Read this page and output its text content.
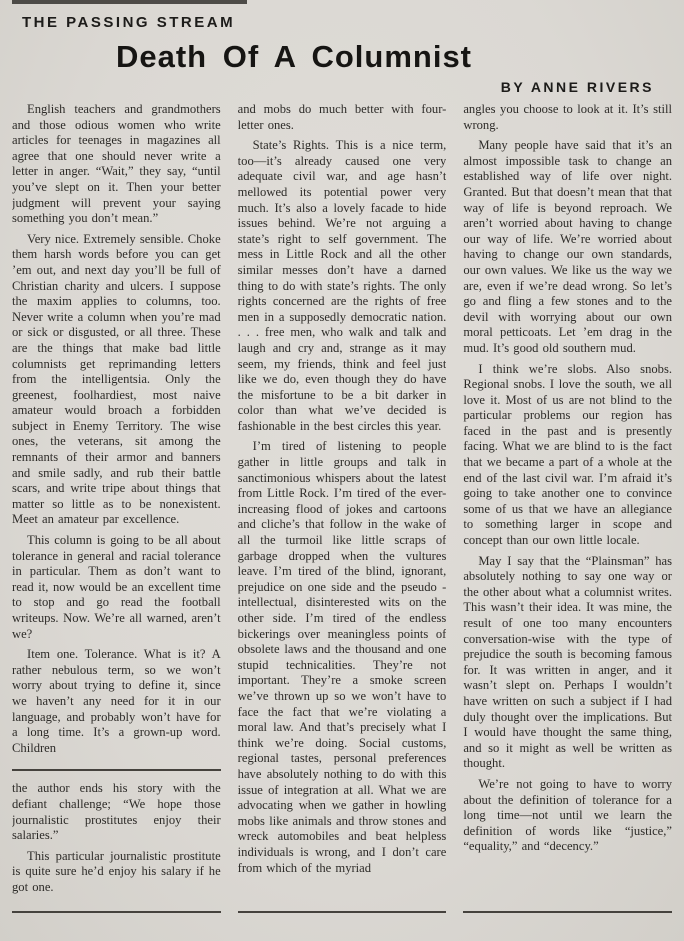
THE PASSING STREAM
Death Of A Columnist
BY ANNE RIVERS

English teachers and grandmothers and those odious women who write articles for teenages in magazines all agree that one should never write a letter in anger. “Wait,” they say, “until you’ve slept on it. Then your better judgment will prevent your saying something you don’t mean.”

Very nice. Extremely sensible. Choke them harsh words before you can get ’em out, and next day you’ll be full of Christian charity and ulcers. I suppose the maxim applies to columns, too. Never write a column when you’re mad or sick or disgusted, or all three. These are the things that make bad little columnists get reprimanding letters from the intelligentsia. Only the greenest, foolhardiest, most naive amateur would broach a forbidden subject in Enemy Territory. The wise ones, the veterans, sit among the remnants of their armor and banners and smile sadly, and rub their battle scars, and write tripe about things that matter so little as to be nonexistent. Meet an amateur par excellence.

This column is going to be all about tolerance in general and racial tolerance in particular. Them as don’t want to read it, now would be an excellent time to stop and go read the football writeups. Now. We’re all warned, aren’t we?

Item one. Tolerance. What is it? A rather nebulous term, so we won’t worry about trying to define it, since we haven’t any need for it in our language, and probably won’t have for a long time. It’s a grown-up word. Children

the author ends his story with the defiant challenge; “We hope those journalistic prostitutes enjoy their salaries.”

This particular journalistic prostitute is quite sure he’d enjoy his salary if he got one.

and mobs do much better with four-letter ones.

State’s Rights. This is a nice term, too—it’s already caused one very adequate civil war, and age hasn’t mellowed its potential power very much. It’s also a lovely facade to hide issues behind. We’re not arguing a state’s right to self government. The mess in Little Rock and all the other similar messes don’t have a darned thing to do with state’s rights. The only rights concerned are the rights of free men in a supposedly democratic nation. . . . free men, who walk and talk and laugh and cry and, strange as it may seem, my friends, think and feel just like we do, even though they do have the misfortune to be a bit darker in color than what we’ve decided is fashionable in the best circles this year.

I’m tired of listening to people gather in little groups and talk in sanctimonious whispers about the latest from Little Rock. I’m tired of the ever-increasing flood of jokes and cartoons and cliche’s that follow in the wake of all the turmoil like little scraps of garbage dropped when the vultures leave. I’m tired of the blind, ignorant, prejudice on one side and the pseudo - intellectual, disinterested wits on the other side. I’m tired of the endless bickerings over meaningless points of obsolete laws and the thousand and one stupid technicalities. They’re not important. They’re a smoke screen we’ve thrown up so we won’t have to face the fact that we’re violating a moral law. And that’s precisely what I think we’re doing. Social customs, regional tastes, personal preferences have absolutely nothing to do with this issue of integration at all. What we are advocating when we gather in howling mobs like animals and throw stones and wreck automobiles and beat helpless individuals is wrong, and I don’t care from which of the myriad

angles you choose to look at it. It’s still wrong.

Many people have said that it’s an almost impossible task to change an established way of life over night. Granted. But that doesn’t mean that that way of life is beyond reproach. We aren’t worried about having to change our way of life. We’re worried about having to change our own standards, our own values. We like us the way we are, even if we’re dead wrong. So let’s go and fling a few stones and to the devil with worrying about our own moral petticoats. Let ’em drag in the mud. It’s good old southern mud.

I think we’re slobs. Also snobs. Regional snobs. I love the south, we all love it. Most of us are not blind to the particular problems our region has faced in the past and is presently facing. What we are blind to is the fact that we became a part of a whole at the end of the last civil war. I’m afraid it’s going to take another one to convince some of us that we have an allegiance to something larger in scope and concept than our own little locale.

May I say that the “Plainsman” has absolutely nothing to say one way or the other about what a columnist writes. This wasn’t their idea. It was mine, the result of one too many encounters conversation-wise with the type of prejudice the south is becoming famous for. It was written in anger, and it wasn’t slept on. Perhaps I wouldn’t have written on such a subject if I had duly thought over the implications. But I would have thought the same thing, and so it might as well be written as thought.

We’re not going to have to worry about the definition of tolerance for a long time—not until we learn the definition of words like “justice,” “equality,” and “decency.”
